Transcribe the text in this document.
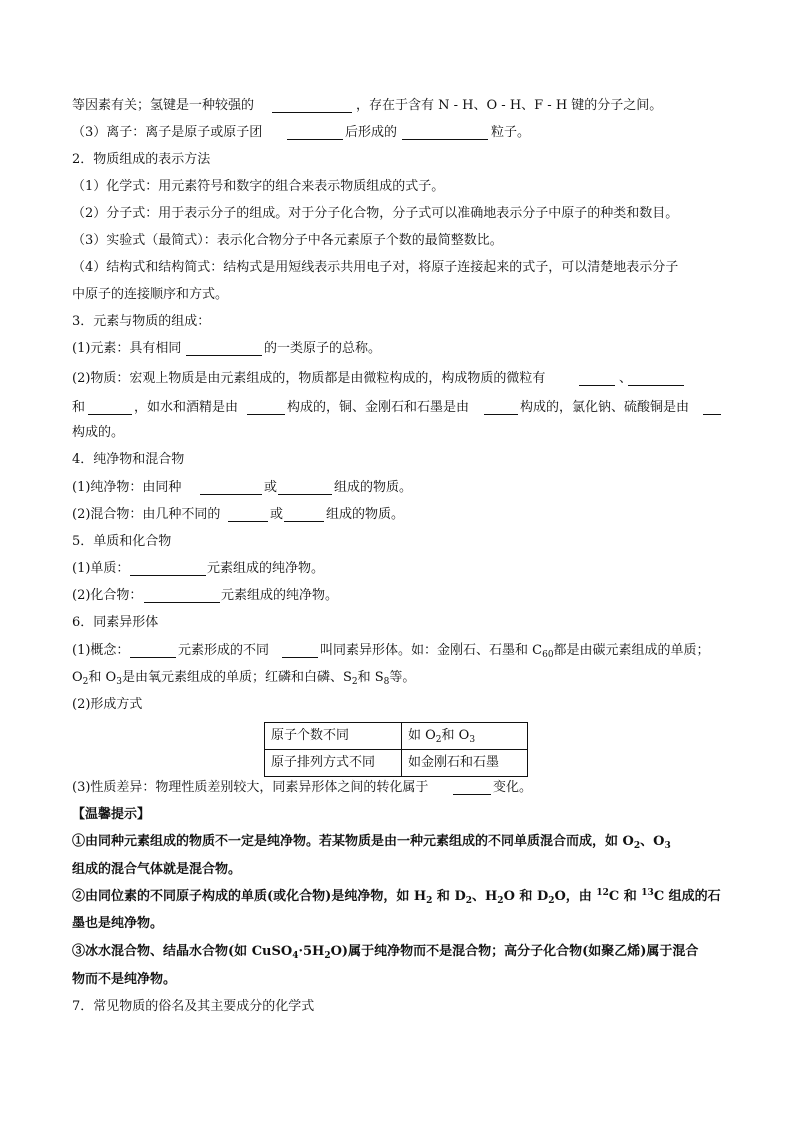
等因素有关；氢键是一种较强的	，存在于含有 N - H、O - H、F - H 键的分子之间。
（3）离子：离子是原子或原子团	后形成的	粒子。
2．物质组成的表示方法
（1）化学式：用元素符号和数字的组合来表示物质组成的式子。
（2）分子式：用于表示分子的组成。对于分子化合物，分子式可以准确地表示分子中原子的种类和数目。
（3）实验式（最简式）：表示化合物分子中各元素原子个数的最简整数比。
（4）结构式和结构简式：结构式是用短线表示共用电子对，将原子连接起来的式子，可以清楚地表示分子
中原子的连接顺序和方式。
3．元素与物质的组成：
(1)元素：具有相同	的一类原子的总称。
(2)物质：宏观上物质是由元素组成的，物质都是由微粒构成的，构成物质的微粒有	、
和	，如水和酒精是由	构成的，铜、金刚石和石墨是由	构成的，氯化钠、硫酸铜是由
构成的。
4．纯净物和混合物
(1)纯净物：由同种	或	组成的物质。
(2)混合物：由几种不同的	或	组成的物质。
5．单质和化合物
(1)单质：	元素组成的纯净物。
(2)化合物：	元素组成的纯净物。
6．同素异形体
(1)概念：	元素形成的不同	叫同素异形体。如：金刚石、石墨和 $C_{60}$都是由碳元素组成的单质；
$O_2$和 $O_3$是由氧元素组成的单质；红磷和白磷、$S_2$和 $S_8$等。
(2)形成方式
原子个数不同	如 $O_2$和 $O_3$
原子排列方式不同	如金刚石和石墨
(3)性质差异：物理性质差别较大，同素异形体之间的转化属于	变化。
【温馨提示】
①由同种元素组成的物质不一定是纯净物。若某物质是由一种元素组成的不同单质混合而成，如 $O_2$、$O_3$
组成的混合气体就是混合物。
②由同位素的不同原子构成的单质(或化合物)是纯净物，如 $H_2$ 和 $D_2$、$H_2O$ 和 $D_2O$，由 $^{12}$C 和 $^{13}$C 组成的石
墨也是纯净物。
③冰水混合物、结晶水合物(如 $CuSO_4\cdot 5H_2O$)属于纯净物而不是混合物；高分子化合物(如聚乙烯)属于混合
物而不是纯净物。
7．常见物质的俗名及其主要成分的化学式
